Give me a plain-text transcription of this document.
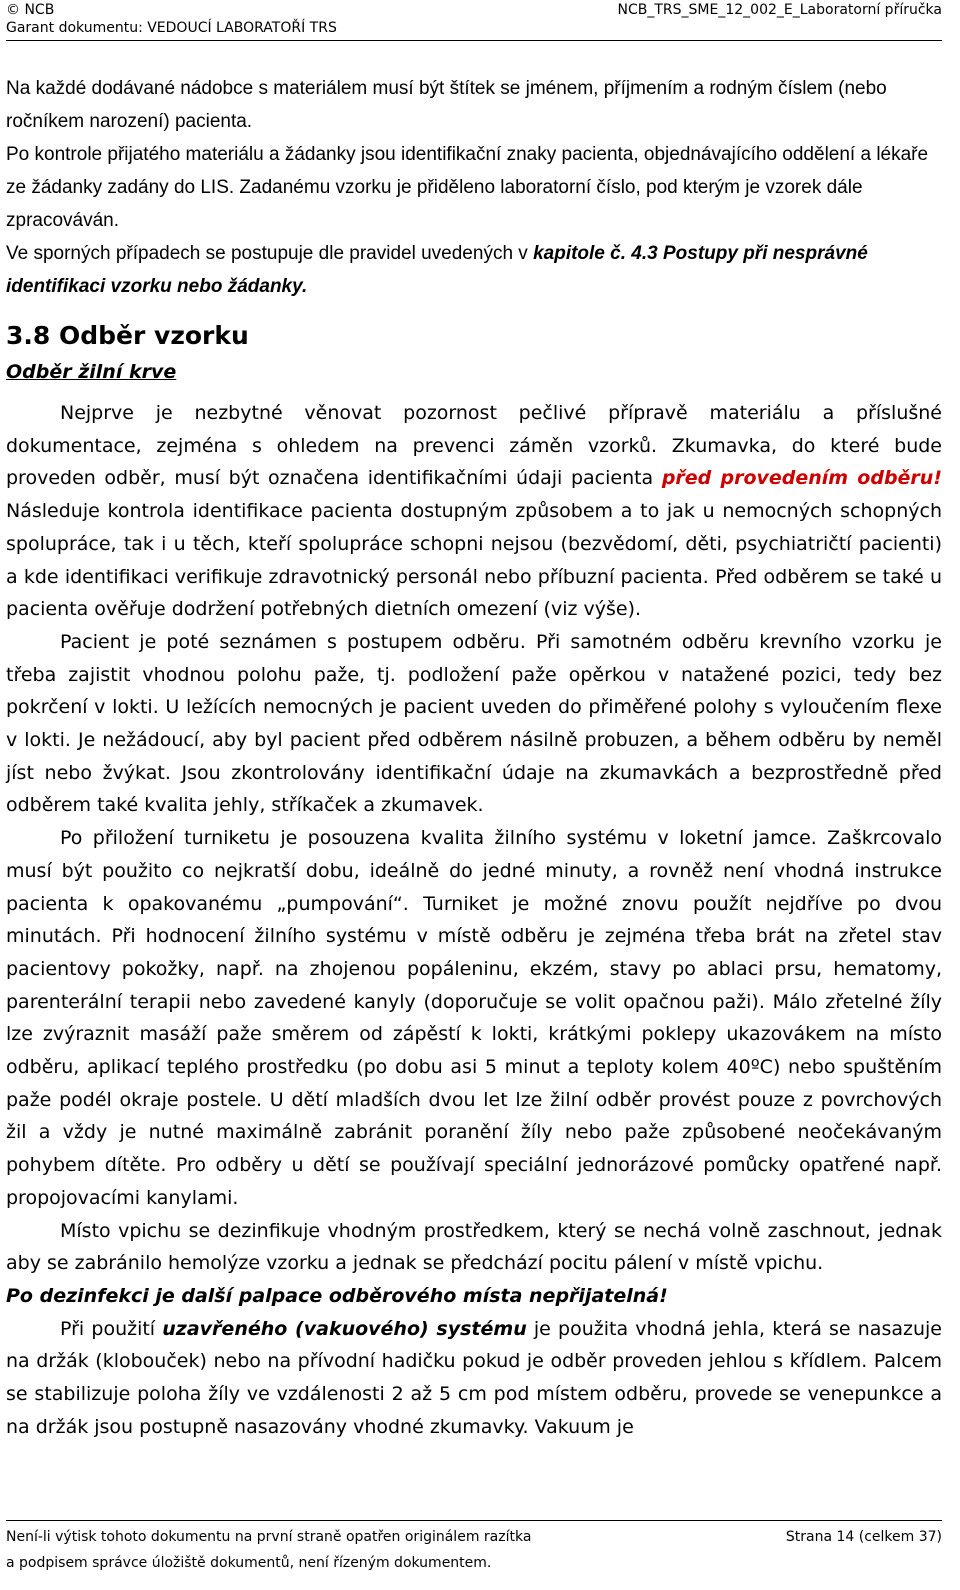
© NCB
Garant dokumentu: VEDOUCÍ LABORATOŘÍ TRS
NCB_TRS_SME_12_002_E_Laboratorní příručka

Na každé dodávané nádobce s materiálem musí být štítek se jménem, příjmením a rodným číslem (nebo ročníkem narození) pacienta.

Po kontrole přijatého materiálu a žádanky jsou identifikační znaky pacienta, objednávajícího oddělení a lékaře ze žádanky zadány do LIS. Zadanému vzorku je přiděleno laboratorní číslo, pod kterým je vzorek dále zpracováván.

Ve sporných případech se postupuje dle pravidel uvedených v kapitole č. 4.3 Postupy při nesprávné identifikaci vzorku nebo žádanky.

3.8 Odběr vzorku
Odběr žilní krve

Nejprve je nezbytné věnovat pozornost pečlivé přípravě materiálu a příslušné dokumentace, zejména s ohledem na prevenci záměn vzorků. Zkumavka, do které bude proveden odběr, musí být označena identifikačními údaji pacienta před provedením odběru! Následuje kontrola identifikace pacienta dostupným způsobem a to jak u nemocných schopných spolupráce, tak i u těch, kteří spolupráce schopni nejsou (bezvědomí, děti, psychiatričtí pacienti) a kde identifikaci verifikuje zdravotnický personál nebo příbuzní pacienta. Před odběrem se také u pacienta ověřuje dodržení potřebných dietních omezení (viz výše).

Pacient je poté seznámen s postupem odběru. Při samotném odběru krevního vzorku je třeba zajistit vhodnou polohu paže, tj. podložení paže opěrkou v natažené pozici, tedy bez pokrčení v lokti. U ležících nemocných je pacient uveden do přiměřené polohy s vyloučením flexe v lokti. Je nežádoucí, aby byl pacient před odběrem násilně probuzen, a během odběru by neměl jíst nebo žvýkat. Jsou zkontrolovány identifikační údaje na zkumavkách a bezprostředně před odběrem také kvalita jehly, stříkaček a zkumavek.

Po přiložení turniketu je posouzena kvalita žilního systému v loketní jamce. Zaškrcovalo musí být použito co nejkratší dobu, ideálně do jedné minuty, a rovněž není vhodná instrukce pacienta k opakovanému „pumpování“. Turniket je možné znovu použít nejdříve po dvou minutách. Při hodnocení žilního systému v místě odběru je zejména třeba brát na zřetel stav pacientovy pokožky, např. na zhojenou popáleninu, ekzém, stavy po ablaci prsu, hematomy, parenterální terapii nebo zavedené kanyly (doporučuje se volit opačnou paži). Málo zřetelné žíly lze zvýraznit masáží paže směrem od zápěstí k lokti, krátkými poklepy ukazovákem na místo odběru, aplikací teplého prostředku (po dobu asi 5 minut a teploty kolem 40ºC) nebo spuštěním paže podél okraje postele. U dětí mladších dvou let lze žilní odběr provést pouze z povrchových žil a vždy je nutné maximálně zabránit poranění žíly nebo paže způsobené neočekávaným pohybem dítěte. Pro odběry u dětí se používají speciální jednorázové pomůcky opatřené např. propojovacími kanylami.

Místo vpichu se dezinfikuje vhodným prostředkem, který se nechá volně zaschnout, jednak aby se zabránilo hemolýze vzorku a jednak se předchází pocitu pálení v místě vpichu.

Po dezinfekci je další palpace odběrového místa nepřijatelná!

Při použití uzavřeného (vakuového) systému je použita vhodná jehla, která se nasazuje na držák (klobouček) nebo na přívodní hadičku pokud je odběr proveden jehlou s křídlem. Palcem se stabilizuje poloha žíly ve vzdálenosti 2 až 5 cm pod místem odběru, provede se venepunkce a na držák jsou postupně nasazovány vhodné zkumavky. Vakuum je

Není-li výtisk tohoto dokumentu na první straně opatřen originálem razítka
a podpisem správce úložiště dokumentů, není řízeným dokumentem.
Strana 14 (celkem 37)
